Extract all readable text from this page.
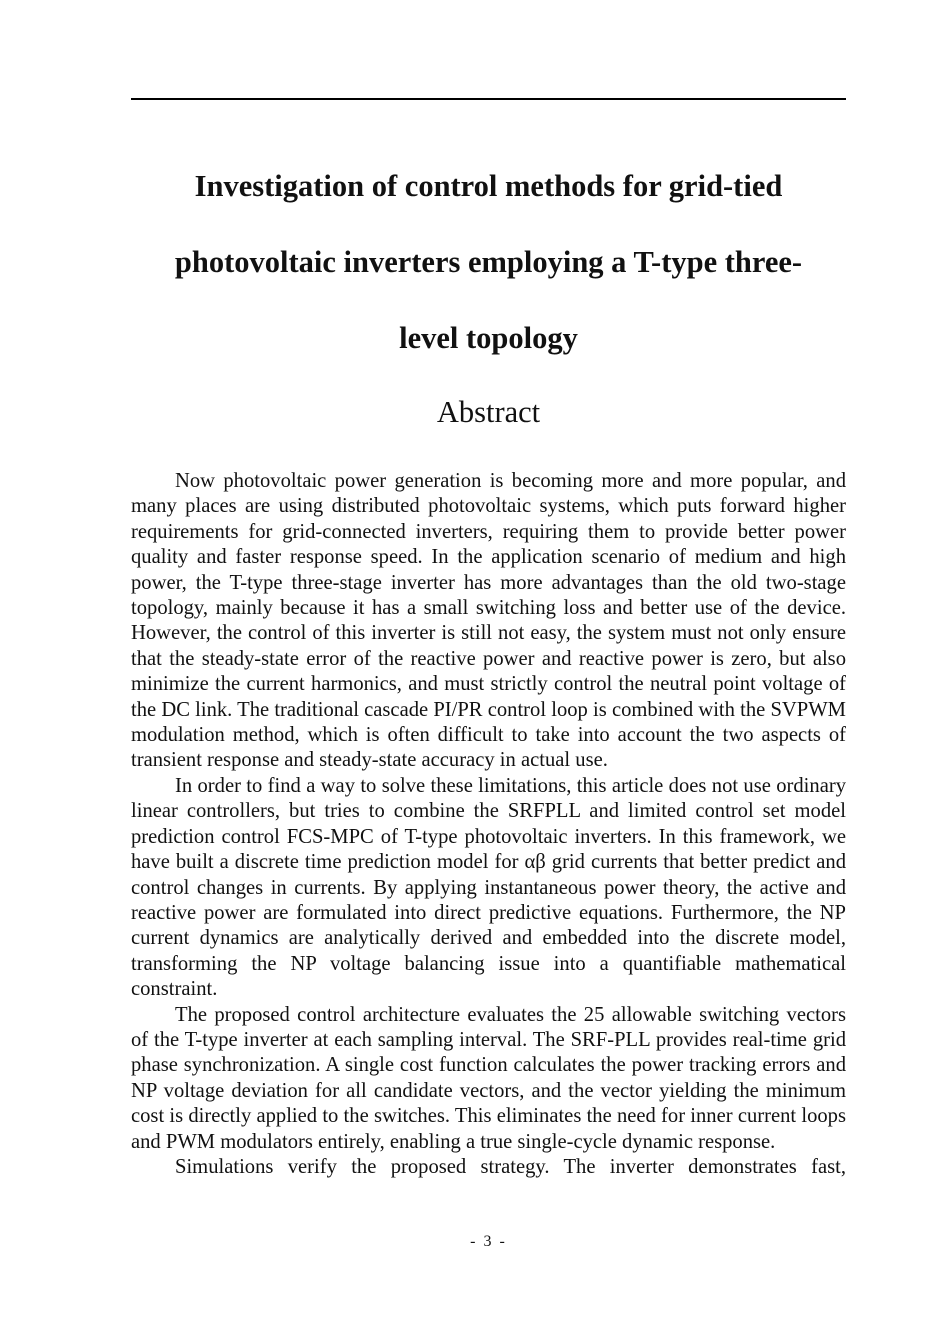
Investigation of control methods for grid-tied
photovoltaic inverters employing a T-type three-
level topology
Abstract

Now photovoltaic power generation is becoming more and more popular, and many places are using distributed photovoltaic systems, which puts forward higher requirements for grid-connected inverters, requiring them to provide better power quality and faster response speed. In the application scenario of medium and high power, the T-type three-stage inverter has more advantages than the old two-stage topology, mainly because it has a small switching loss and better use of the device. However, the control of this inverter is still not easy, the system must not only ensure that the steady-state error of the reactive power and reactive power is zero, but also minimize the current harmonics, and must strictly control the neutral point voltage of the DC link. The traditional cascade PI/PR control loop is combined with the SVPWM modulation method, which is often difficult to take into account the two aspects of transient response and steady-state accuracy in actual use.

In order to find a way to solve these limitations, this article does not use ordinary linear controllers, but tries to combine the SRFPLL and limited control set model prediction control FCS-MPC of T-type photovoltaic inverters. In this framework, we have built a discrete time prediction model for αβ grid currents that better predict and control changes in currents. By applying instantaneous power theory, the active and reactive power are formulated into direct predictive equations. Furthermore, the NP current dynamics are analytically derived and embedded into the discrete model, transforming the NP voltage balancing issue into a quantifiable mathematical constraint.

The proposed control architecture evaluates the 25 allowable switching vectors of the T-type inverter at each sampling interval. The SRF-PLL provides real-time grid phase synchronization. A single cost function calculates the power tracking errors and NP voltage deviation for all candidate vectors, and the vector yielding the minimum cost is directly applied to the switches. This eliminates the need for inner current loops and PWM modulators entirely, enabling a true single-cycle dynamic response.

Simulations verify the proposed strategy. The inverter demonstrates fast,

- 3 -
